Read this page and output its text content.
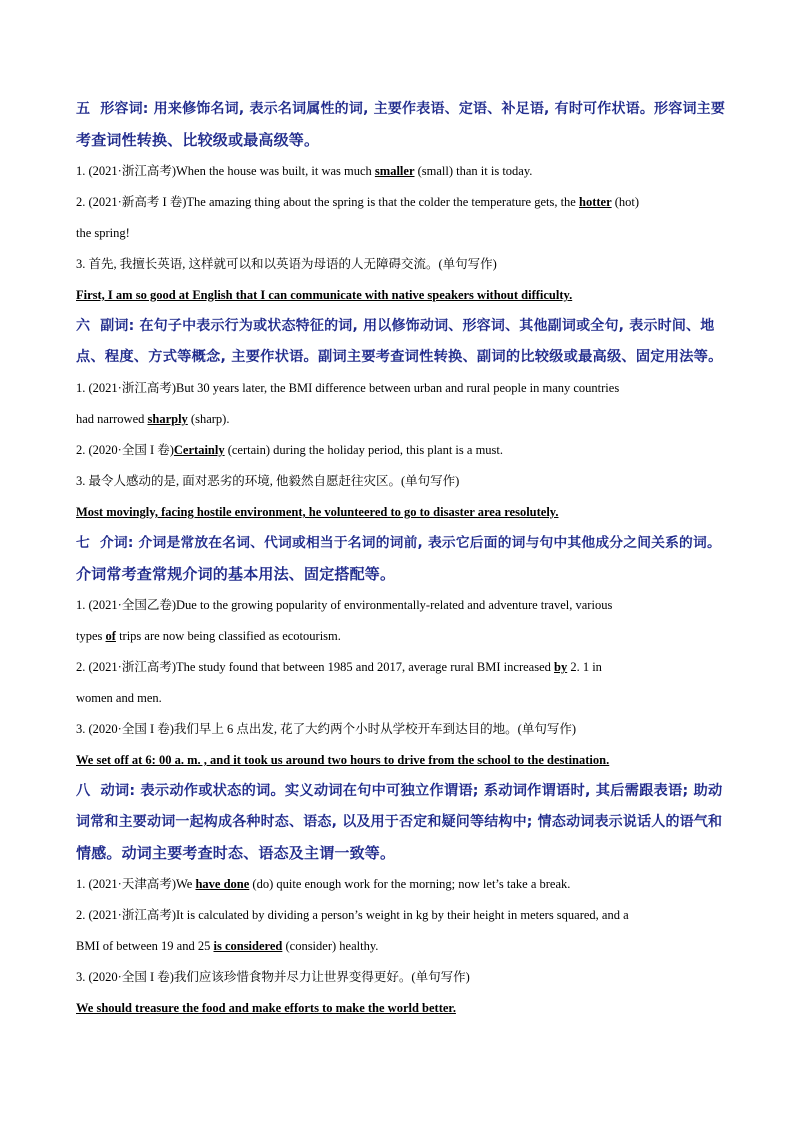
五 形容词: 用来修饰名词, 表示名词属性的词, 主要作表语、定语、补足语, 有时可作状语。形容词主要
考查词性转换、比较级或最高级等。
1. (2021·浙江高考)When the house was built, it was much smaller (small) than it is today.
2. (2021·新高考 I 卷)The amazing thing about the spring is that the colder the temperature gets, the hotter (hot)
the spring!
3. 首先, 我擅长英语, 这样就可以和以英语为母语的人无障碍交流。(单句写作)
First, I am so good at English that I can communicate with native speakers without difficulty.
六 副词: 在句子中表示行为或状态特征的词, 用以修饰动词、形容词、其他副词或全句, 表示时间、地
点、程度、方式等概念, 主要作状语。副词主要考查词性转换、副词的比较级或最高级、固定用法等。
1. (2021·浙江高考)But 30 years later, the BMI difference between urban and rural people in many countries
had narrowed sharply (sharp).
2. (2020·全国 I 卷)Certainly (certain) during the holiday period, this plant is a must.
3. 最令人感动的是, 面对恶劣的环境, 他毅然自愿赶往灾区。(单句写作)
Most movingly, facing hostile environment, he volunteered to go to disaster area resolutely.
七 介词: 介词是常放在名词、代词或相当于名词的词前, 表示它后面的词与句中其他成分之间关系的词。
介词常考查常规介词的基本用法、固定搭配等。
1. (2021·全国乙卷)Due to the growing popularity of environmentally-related and adventure travel, various
types of trips are now being classified as ecotourism.
2. (2021·浙江高考)The study found that between 1985 and 2017, average rural BMI increased by 2. 1 in
women and men.
3. (2020·全国 I 卷)我们早上 6 点出发, 花了大约两个小时从学校开车到达目的地。(单句写作)
We set off at 6: 00 a. m. , and it took us around two hours to drive from the school to the destination.
八 动词: 表示动作或状态的词。实义动词在句中可独立作谓语; 系动词作谓语时, 其后需跟表语; 助动
词常和主要动词一起构成各种时态、语态, 以及用于否定和疑问等结构中; 情态动词表示说话人的语气和
情感。动词主要考查时态、语态及主谓一致等。
1. (2021·天津高考)We have done (do) quite enough work for the morning; now let’s take a break.
2. (2021·浙江高考)It is calculated by dividing a person’s weight in kg by their height in meters squared, and a
BMI of between 19 and 25 is considered (consider) healthy.
3. (2020·全国 I 卷)我们应该珍惜食物并尽力让世界变得更好。(单句写作)
We should treasure the food and make efforts to make the world better.
